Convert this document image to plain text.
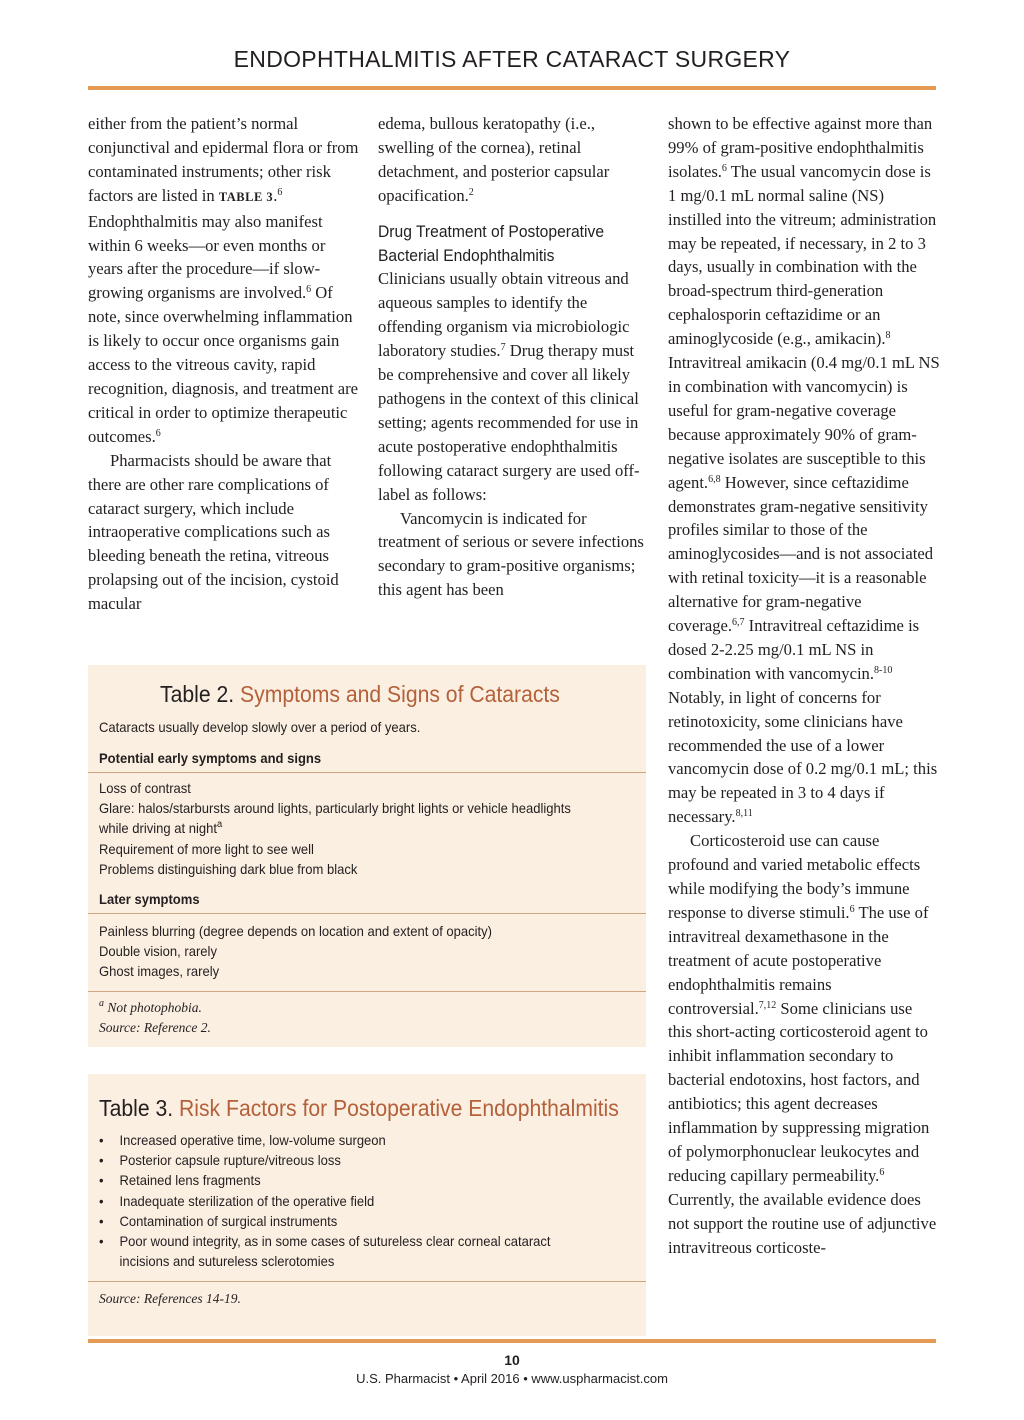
ENDOPHTHALMITIS AFTER CATARACT SURGERY

either from the patient’s normal conjunctival and epidermal flora or from contaminated instruments; other risk factors are listed in TABLE 3.$^6$ Endophthalmitis may also manifest within 6 weeks—or even months or years after the procedure—if slow-growing organisms are involved.$^6$ Of note, since overwhelming inflammation is likely to occur once organisms gain access to the vitreous cavity, rapid recognition, diagnosis, and treatment are critical in order to optimize therapeutic outcomes.$^6$

Pharmacists should be aware that there are other rare complications of cataract surgery, which include intraoperative complications such as bleeding beneath the retina, vitreous prolapsing out of the incision, cystoid macular

edema, bullous keratopathy (i.e., swelling of the cornea), retinal detachment, and posterior capsular opacification.$^2$

Drug Treatment of Postoperative Bacterial Endophthalmitis

Clinicians usually obtain vitreous and aqueous samples to identify the offending organism via microbiologic laboratory studies.$^7$ Drug therapy must be comprehensive and cover all likely pathogens in the context of this clinical setting; agents recommended for use in acute postoperative endophthalmitis following cataract surgery are used off-label as follows:

Vancomycin is indicated for treatment of serious or severe infections secondary to gram-positive organisms; this agent has been

shown to be effective against more than 99% of gram-positive endophthalmitis isolates.$^6$ The usual vancomycin dose is 1 mg/0.1 mL normal saline (NS) instilled into the vitreum; administration may be repeated, if necessary, in 2 to 3 days, usually in combination with the broad-spectrum third-generation cephalosporin ceftazidime or an aminoglycoside (e.g., amikacin).$^8$ Intravitreal amikacin (0.4 mg/0.1 mL NS in combination with vancomycin) is useful for gram-negative coverage because approximately 90% of gram-negative isolates are susceptible to this agent.$^{6,8}$ However, since ceftazidime demonstrates gram-negative sensitivity profiles similar to those of the aminoglycosides—and is not associated with retinal toxicity—it is a reasonable alternative for gram-negative coverage.$^{6,7}$ Intravitreal ceftazidime is dosed 2-2.25 mg/0.1 mL NS in combination with vancomycin.$^{8-10}$ Notably, in light of concerns for retinotoxicity, some clinicians have recommended the use of a lower vancomycin dose of 0.2 mg/0.1 mL; this may be repeated in 3 to 4 days if necessary.$^{8,11}$

Corticosteroid use can cause profound and varied metabolic effects while modifying the body’s immune response to diverse stimuli.$^6$ The use of intravitreal dexamethasone in the treatment of acute postoperative endophthalmitis remains controversial.$^{7,12}$ Some clinicians use this short-acting corticosteroid agent to inhibit inflammation secondary to bacterial endotoxins, host factors, and antibiotics; this agent decreases inflammation by suppressing migration of polymorphonuclear leukocytes and reducing capillary permeability.$^6$ Currently, the available evidence does not support the routine use of adjunctive intravitreous corticoste-

Table 2. Symptoms and Signs of Cataracts
Cataracts usually develop slowly over a period of years.
Potential early symptoms and signs
Loss of contrast
Glare: halos/starbursts around lights, particularly bright lights or vehicle headlights
while driving at night$^a$
Requirement of more light to see well
Problems distinguishing dark blue from black
Later symptoms
Painless blurring (degree depends on location and extent of opacity)
Double vision, rarely
Ghost images, rarely
$^a$ Not photophobia.
Source: Reference 2.
Table 3. Risk Factors for Postoperative Endophthalmitis
• Increased operative time, low-volume surgeon
• Posterior capsule rupture/vitreous loss
• Retained lens fragments
• Inadequate sterilization of the operative field
• Contamination of surgical instruments
• Poor wound integrity, as in some cases of sutureless clear corneal cataract
incisions and sutureless sclerotomies
Source: References 14-19.
10
U.S. Pharmacist • April 2016 • www.uspharmacist.com
